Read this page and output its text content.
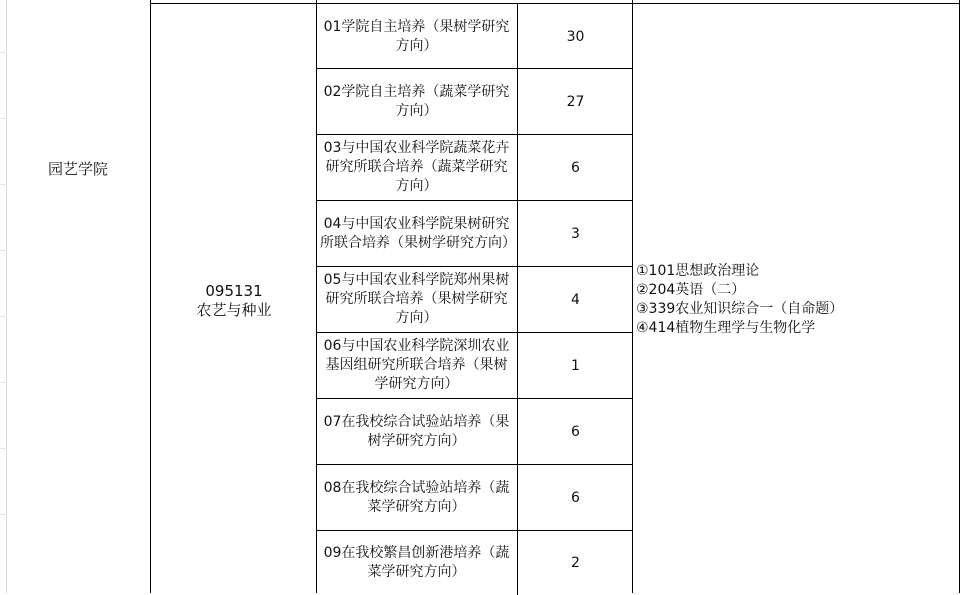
园艺学院
095131
农艺与种业
01学院自主培养（果树学研究方向）
30
02学院自主培养（蔬菜学研究方向）
27
03与中国农业科学院蔬菜花卉研究所联合培养（蔬菜学研究方向）
6
04与中国农业科学院果树研究所联合培养（果树学研究方向）
3
05与中国农业科学院郑州果树研究所联合培养（果树学研究方向）
4
06与中国农业科学院深圳农业基因组研究所联合培养（果树学研究方向）
1
07在我校综合试验站培养（果树学研究方向）
6
08在我校综合试验站培养（蔬菜学研究方向）
6
09在我校繁昌创新港培养（蔬菜学研究方向）
2
①101思想政治理论
②204英语（二）
③339农业知识综合一（自命题）
④414植物生理学与生物化学
